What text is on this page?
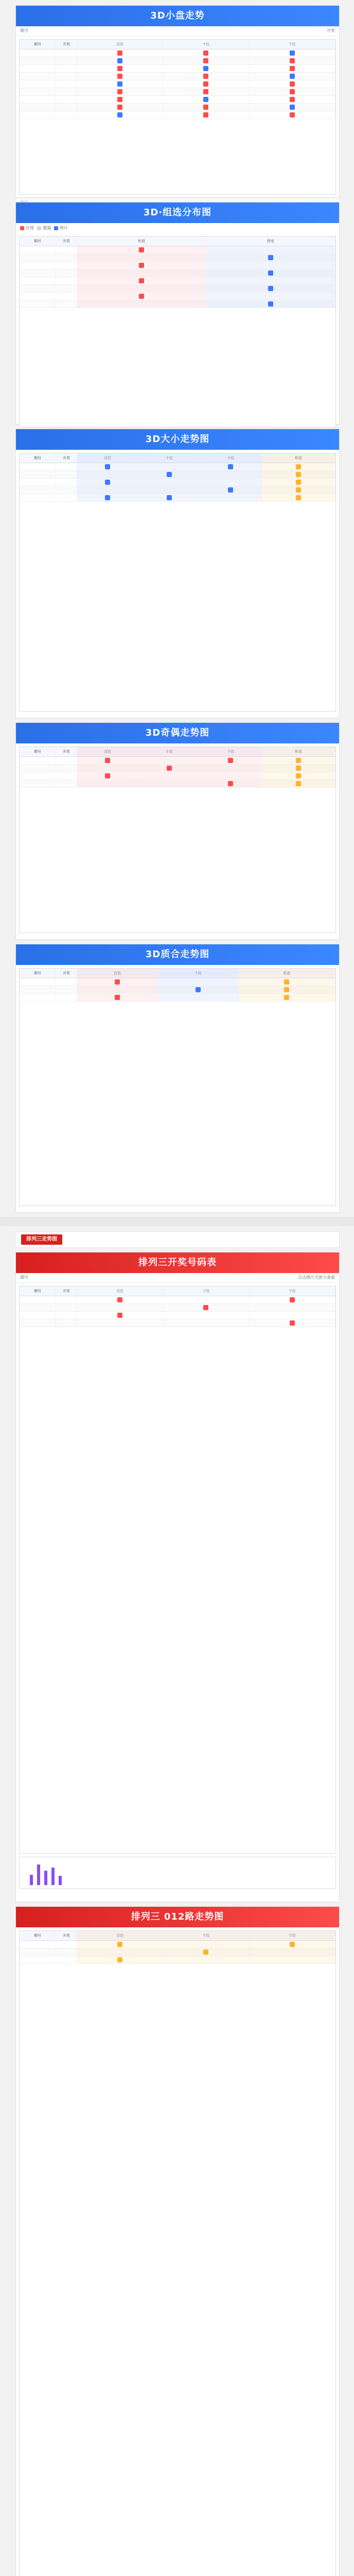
3D小盘走势
期号	开奖
期号	开奖	百位	十位	个位
3D·组选分布图
出现	遗漏	统计
期号	开奖	和值	跨度
3D大小走势图
期号	开奖	百位	十位	个位	形态
3D奇偶走势图
期号	开奖	百位	十位	个位	形态
3D质合走势图
期号	开奖	百位	十位	形态
排列三走势图
排列三开奖号码表
期号	点击图片可放大查看
期号	开奖	百位	十位	个位
排列三 012路走势图
期号	开奖	百位	十位	个位
